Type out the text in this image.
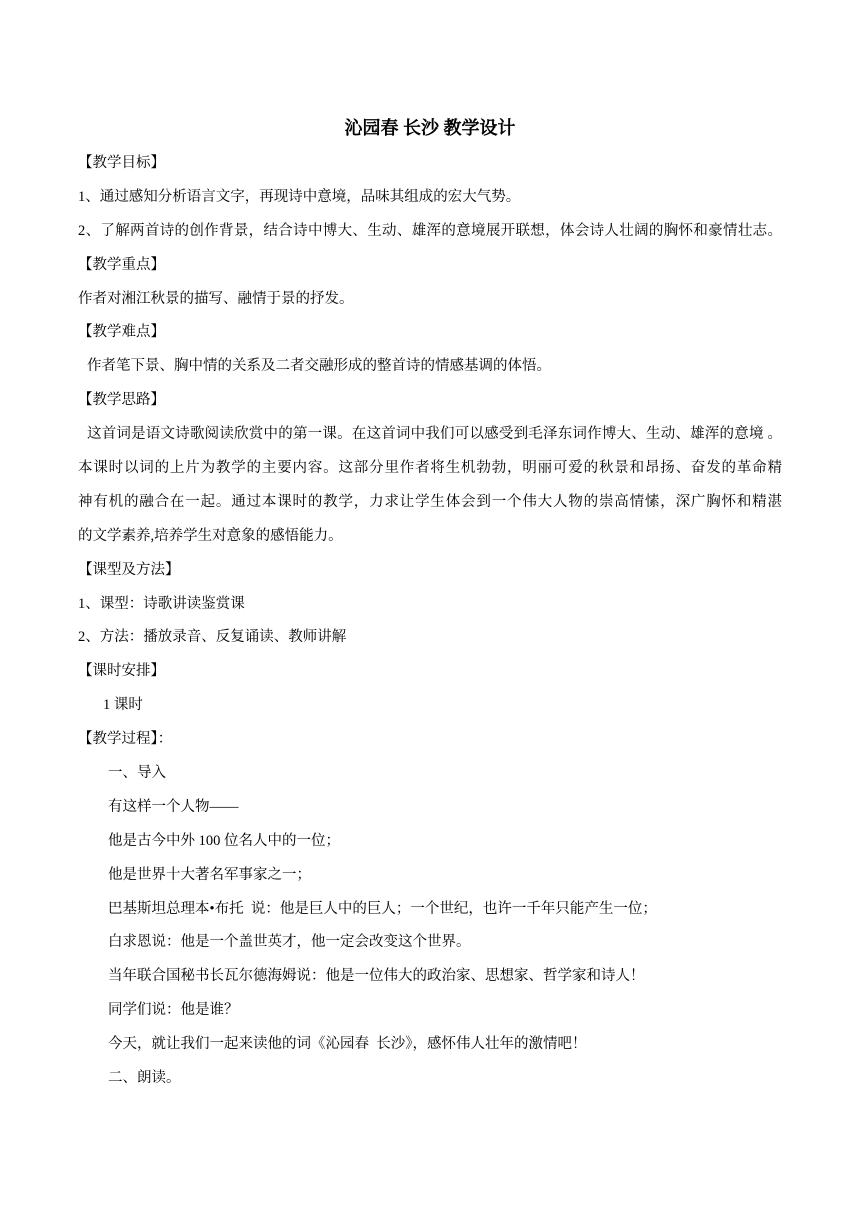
沁园春 长沙 教学设计
【教学目标】
1、通过感知分析语言文字，再现诗中意境，品味其组成的宏大气势。
2、了解两首诗的创作背景，结合诗中博大、生动、雄浑的意境展开联想，体会诗人壮阔的胸怀和豪情壮志。
【教学重点】
作者对湘江秋景的描写、融情于景的抒发。
【教学难点】
作者笔下景、胸中情的关系及二者交融形成的整首诗的情感基调的体悟。
【教学思路】
这首词是语文诗歌阅读欣赏中的第一课。在这首词中我们可以感受到毛泽东词作博大、生动、雄浑的意境 。
本课时以词的上片为教学的主要内容。这部分里作者将生机勃勃，明丽可爱的秋景和昂扬、奋发的革命精
神有机的融合在一起。通过本课时的教学，力求让学生体会到一个伟大人物的崇高情愫，深广胸怀和精湛
的文学素养,培养学生对意象的感悟能力。
【课型及方法】
1、课型：诗歌讲读鉴赏课
2、方法：播放录音、反复诵读、教师讲解
【课时安排】
1 课时
【教学过程】：
一、导入
有这样一个人物——
他是古今中外 100 位名人中的一位；
他是世界十大著名军事家之一；
巴基斯坦总理本•布托  说：他是巨人中的巨人；一个世纪，也许一千年只能产生一位；
白求恩说：他是一个盖世英才，他一定会改变这个世界。
当年联合国秘书长瓦尔德海姆说：他是一位伟大的政治家、思想家、哲学家和诗人！
同学们说：他是谁？
今天，就让我们一起来读他的词《沁园春  长沙》，感怀伟人壮年的激情吧！
二、朗读。
